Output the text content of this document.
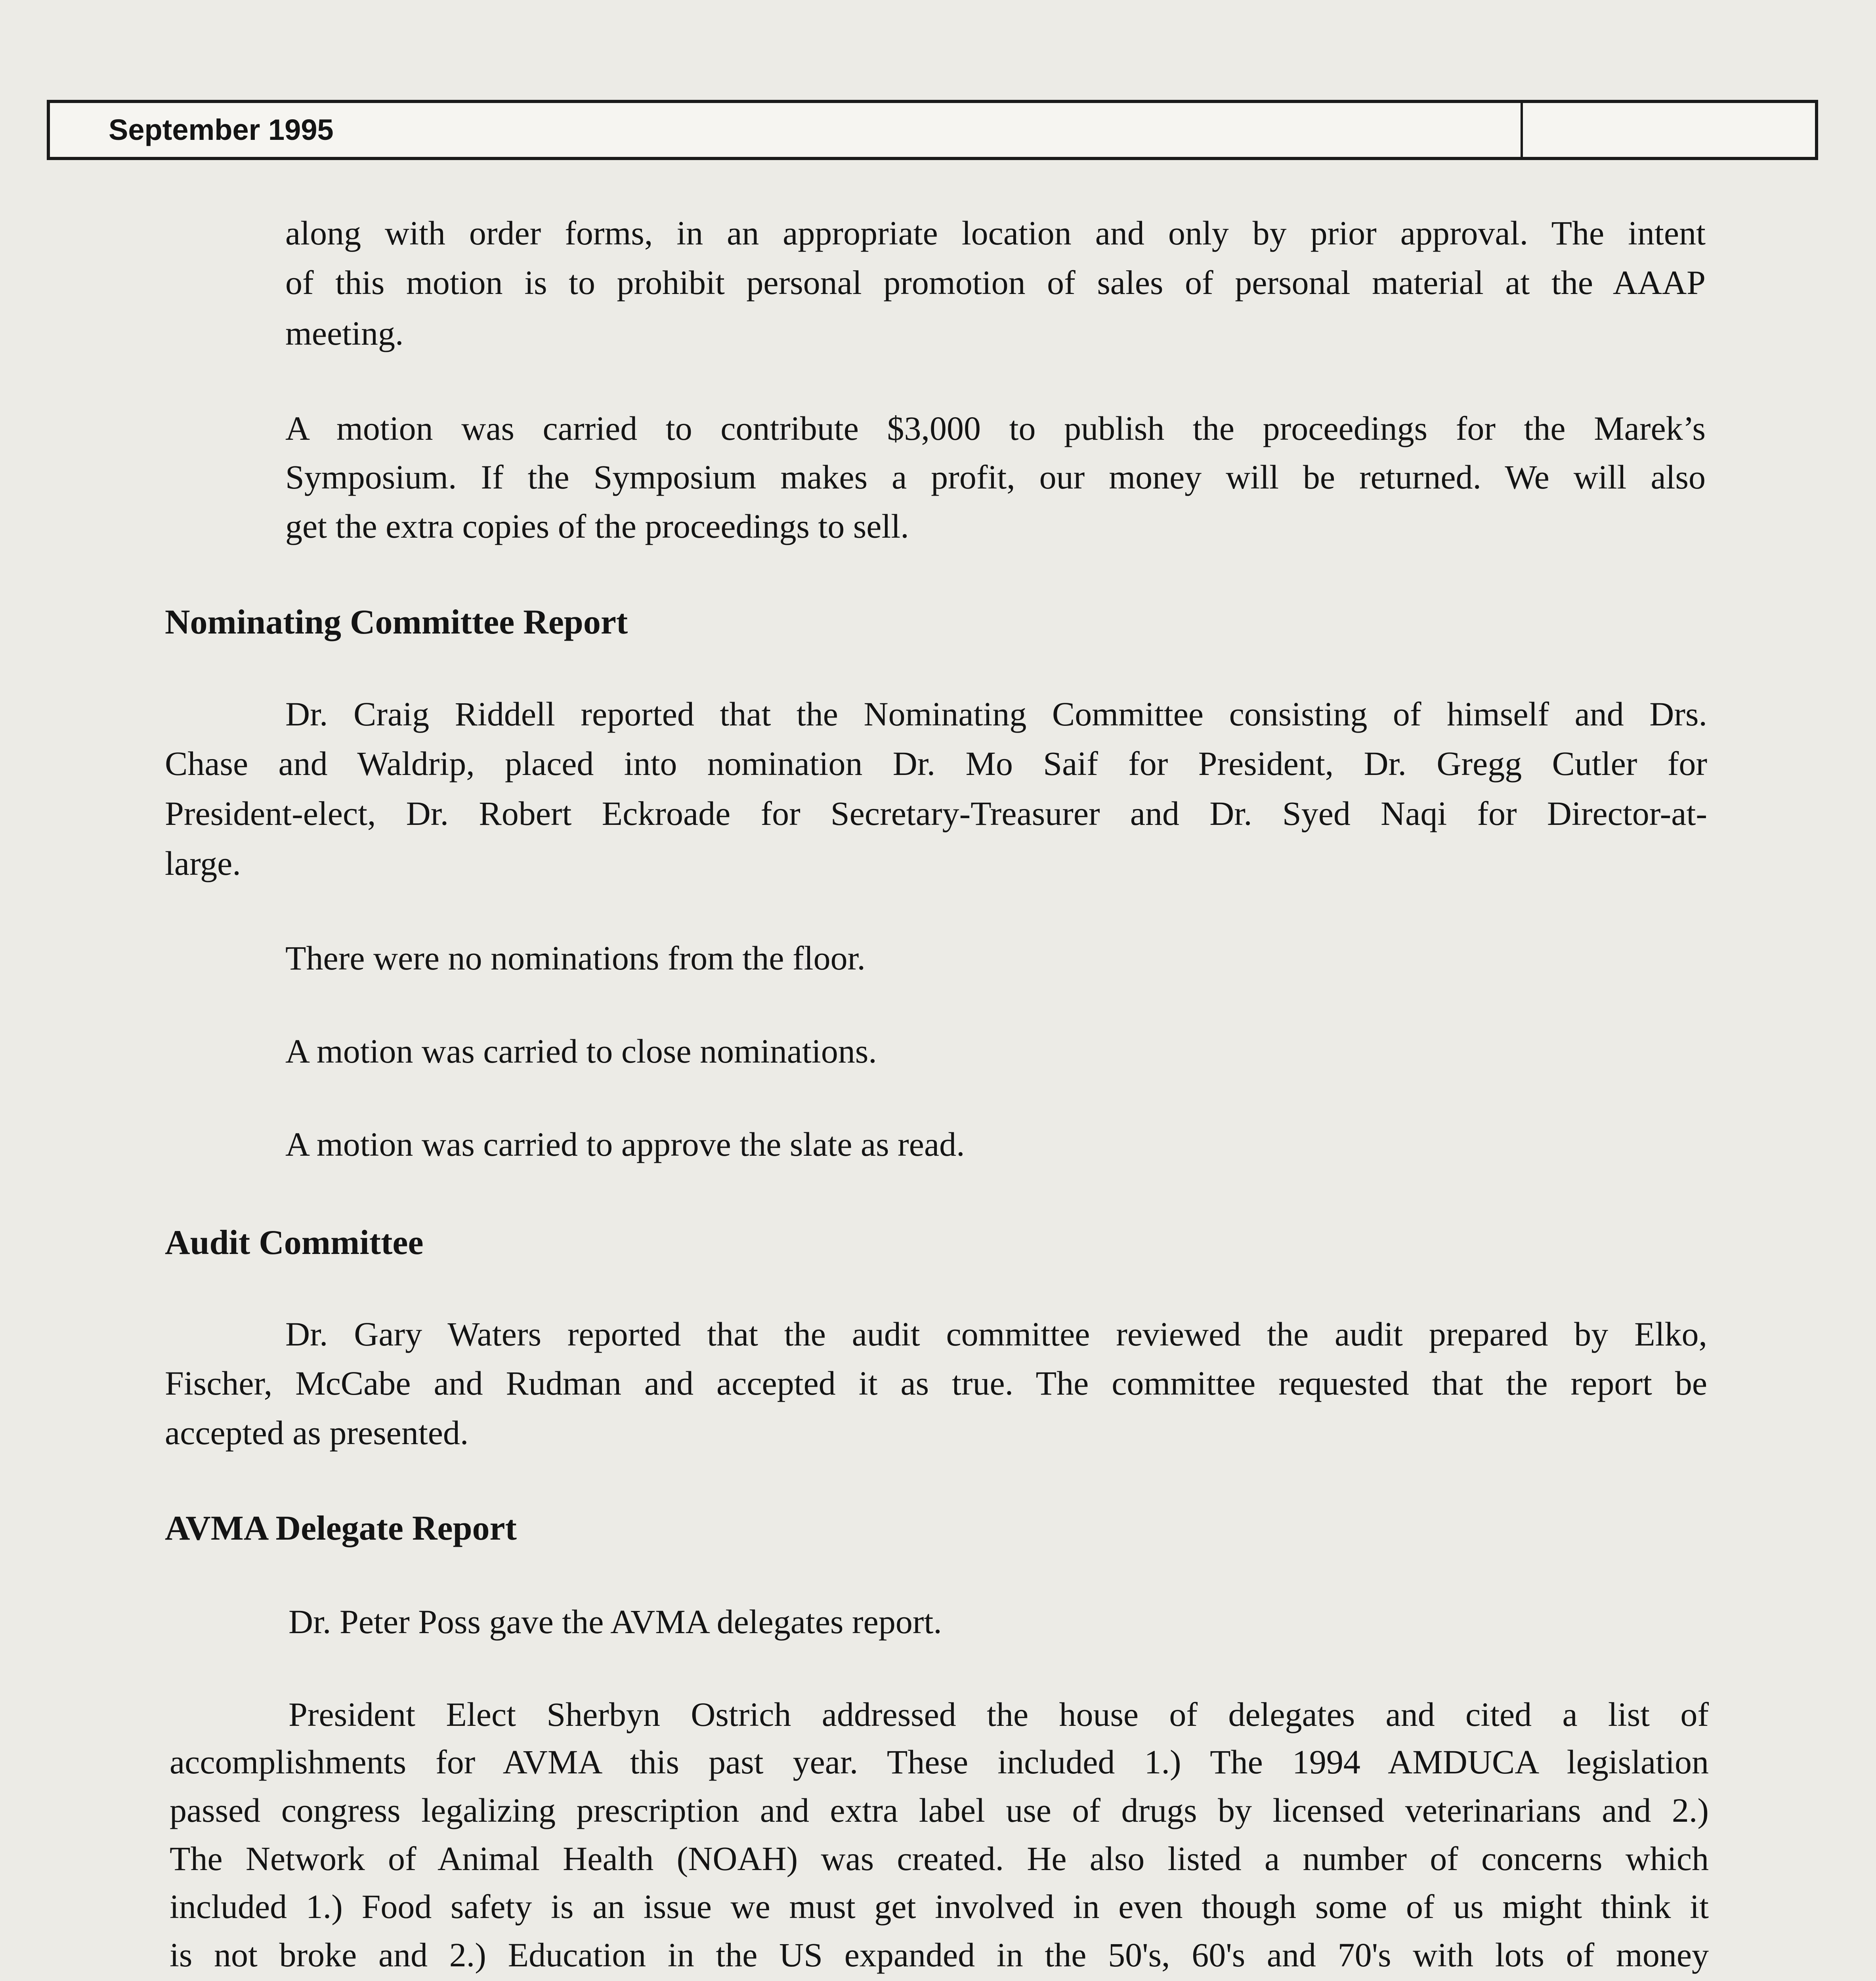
September 1995
along with order forms, in an appropriate location and only by prior approval. The intent
of this motion is to prohibit personal promotion of sales of personal material at the AAAP
meeting.
A motion was carried to contribute $3,000 to publish the proceedings for the Marek’s
Symposium. If the Symposium makes a profit, our money will be returned. We will also
get the extra copies of the proceedings to sell.
Nominating Committee Report
Dr. Craig Riddell reported that the Nominating Committee consisting of himself and Drs.
Chase and Waldrip, placed into nomination Dr. Mo Saif for President, Dr. Gregg Cutler for
President-elect, Dr. Robert Eckroade for Secretary-Treasurer and Dr. Syed Naqi for Director-at-
large.
There were no nominations from the floor.
A motion was carried to close nominations.
A motion was carried to approve the slate as read.
Audit Committee
Dr. Gary Waters reported that the audit committee reviewed the audit prepared by Elko,
Fischer, McCabe and Rudman and accepted it as true. The committee requested that the report be
accepted as presented.
AVMA Delegate Report
Dr. Peter Poss gave the AVMA delegates report.
President Elect Sherbyn Ostrich addressed the house of delegates and cited a list of
accomplishments for AVMA this past year. These included 1.) The 1994 AMDUCA legislation
passed congress legalizing prescription and extra label use of drugs by licensed veterinarians and 2.)
The Network of Animal Health (NOAH) was created. He also listed a number of concerns which
included 1.) Food safety is an issue we must get involved in even though some of us might think it
is not broke and 2.) Education in the US expanded in the 50's, 60's and 70's with lots of money
